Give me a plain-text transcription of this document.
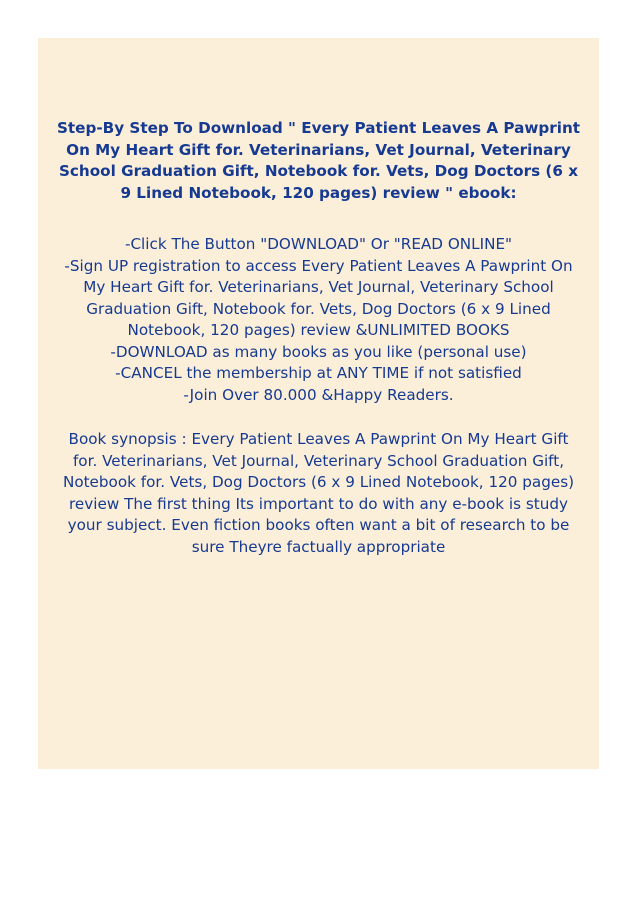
Step-By Step To Download " Every Patient Leaves A Pawprint
On My Heart Gift for. Veterinarians, Vet Journal, Veterinary
School Graduation Gift, Notebook for. Vets, Dog Doctors (6 x
9 Lined Notebook, 120 pages) review " ebook:
-Click The Button "DOWNLOAD" Or "READ ONLINE"
-Sign UP registration to access Every Patient Leaves A Pawprint On
My Heart Gift for. Veterinarians, Vet Journal, Veterinary School
Graduation Gift, Notebook for. Vets, Dog Doctors (6 x 9 Lined
Notebook, 120 pages) review &UNLIMITED BOOKS
-DOWNLOAD as many books as you like (personal use)
-CANCEL the membership at ANY TIME if not satisfied
-Join Over 80.000 &Happy Readers.
Book synopsis : Every Patient Leaves A Pawprint On My Heart Gift
for. Veterinarians, Vet Journal, Veterinary School Graduation Gift,
Notebook for. Vets, Dog Doctors (6 x 9 Lined Notebook, 120 pages)
review The first thing Its important to do with any e-book is study
your subject. Even fiction books often want a bit of research to be
sure Theyre factually appropriate
